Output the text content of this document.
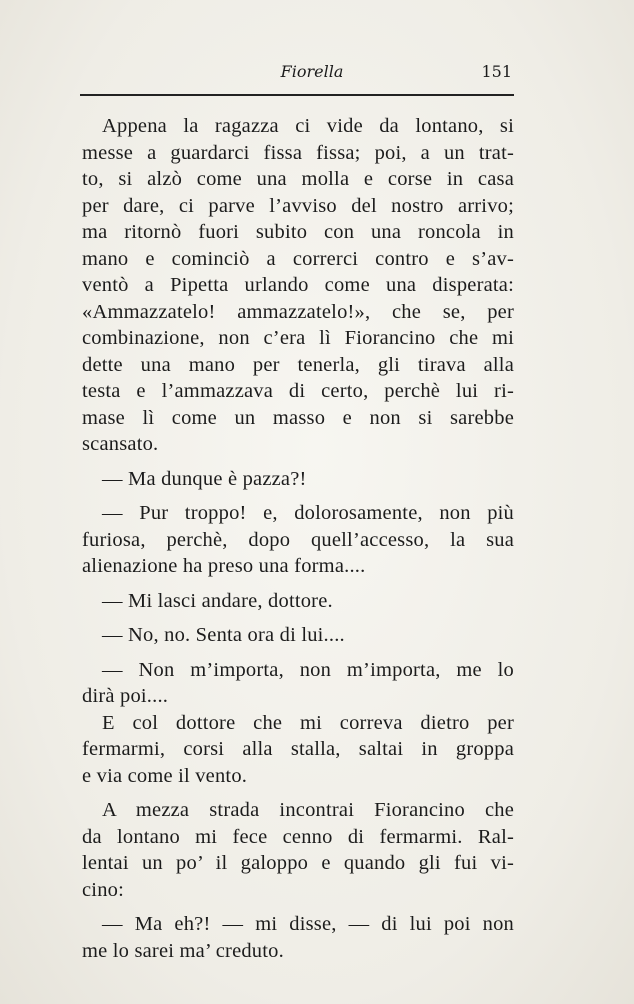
Fiorella	151
Appena la ragazza ci vide da lontano, si
messe a guardarci fissa fissa; poi, a un trat-
to, si alzò come una molla e corse in casa
per dare, ci parve l’avviso del nostro arrivo;
ma ritornò fuori subito con una roncola in
mano e cominciò a correrci contro e s’av-
ventò a Pipetta urlando come una disperata:
«Ammazzatelo! ammazzatelo!», che se, per
combinazione, non c’era lì Fiorancino che mi
dette una mano per tenerla, gli tirava alla
testa e l’ammazzava di certo, perchè lui ri-
mase lì come un masso e non si sarebbe
scansato.
— Ma dunque è pazza?!
— Pur troppo! e, dolorosamente, non più
furiosa, perchè, dopo quell’accesso, la sua
alienazione ha preso una forma....
— Mi lasci andare, dottore.
— No, no. Senta ora di lui....
— Non m’importa, non m’importa, me lo
dirà poi....
E col dottore che mi correva dietro per
fermarmi, corsi alla stalla, saltai in groppa
e via come il vento.
A mezza strada incontrai Fiorancino che
da lontano mi fece cenno di fermarmi. Ral-
lentai un po’ il galoppo e quando gli fui vi-
cino:
— Ma eh?! — mi disse, — di lui poi non
me lo sarei ma’ creduto.
